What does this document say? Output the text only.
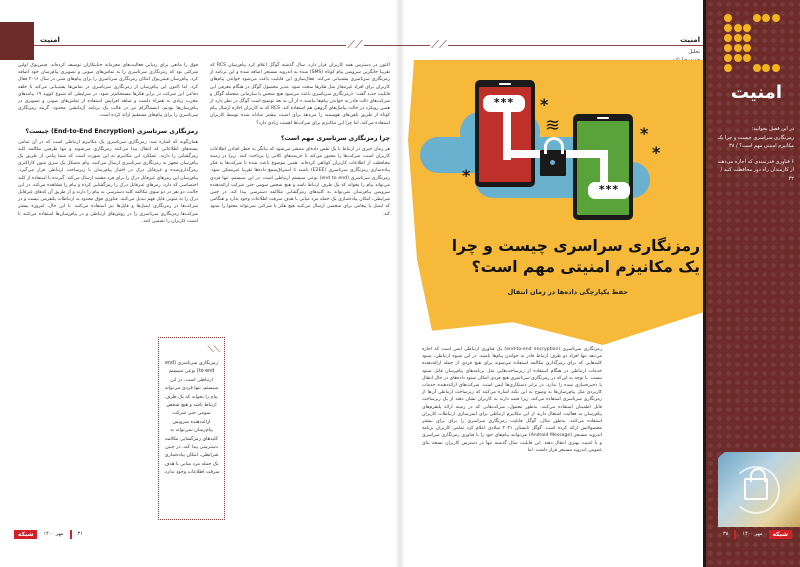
امنیت	⟋⟋

اکنون در دسترس همه کاربران قرار دارد. سال گذشته گوگل اعلام کرد پیام‌رسان RCS که تقریبا جایگزین سرویس پیام کوتاه (SMS) شده به اندروید مسیجز اضافه شده و این برنامه از رمزنگاری سرتاسری پشتیبانی می‌کند. فعال‌سازی این قابلیت باعث می‌شود خواندن پیام‌های کاربران برای افراد غیرمجاز مثل هکرها سخت شود. مدیر محصول گوگل در هنگام معرفی این قابلیت جدید گفت: «رمزنگاری سرتاسری باعث می‌شود هیچ شخص یا سازمانی منجمله گوگل و شرکت‌های ثالث قادر به خواندن پیام‌ها نباشند.» از آن به بعد توضیح است گوگل در نظر دارد از همین رویکرد در حالت پیامک‌های گروهی هم استفاده کند. RCS که به کاربران اجازه ارسال پیام کوتاه از طریق تلفن‌های هوشمند را می‌دهد برای امنیت بیشتر مبادله شده توسط کاربران استفاده می‌کند، اما چرا این مکانیزم برای شرکت‌ها اهمیت زیادی دارد؟

چرا رمزنگاری سرتاسری مهم است؟

هر زمان خبری در ارتباط با یک نقص داده‌ای منتشر می‌شود که بیانگر به خطر افتادن اطلاعات کاربران است، شرکت‌ها را مجبور می‌کند تا جریمه‌های کلانی را پرداخت کنند. زیرا در زمینه محافظت از اطلاعات کاربران کوتاهی کرده‌اند. همین موضوع باعث شده تا شرکت‌ها به فکر پیاده‌سازی رمزنگاری سرتاسری (E2EE) باشند تا استراق‌سمع داده‌ها تقریبا غیرممکن شود. رمزنگاری سرتاسری (end to end) نوعی سیستم ارتباطی است. در این سیستم، تنها فردی می‌تواند پیام را بخواند که یک طرف ارتباط باشد و هیچ شخص سومی حتی شرکت ارائه‌دهنده سرویس پیام‌رسان نمی‌تواند به کلیدهای رمزگشایی مکالمه دسترسی پیدا کند. در چنین شرایطی، امکان پیاده‌سازی یک حمله مرد میانی با هدف سرقت اطلاعات وجود ندارد و هنگامی که ایمیل یا پیغامی برای شخصی ارسال می‌کنید هیچ هکر یا شرکتی نمی‌تواند محتوا را شنود کند.

فوق را مانعی برای ردیابی فعالیت‌های مجرمانه جنایتکاران توصیف کرده‌اند. فیس‌بوک اولین شرکتی بود که رمزنگاری سرتاسری را به تماس‌های صوتی و تصویری پیام‌رسان خود اضافه کرد. پیام‌رسان فیس‌بوک امکان رمزنگاری سرتاسری را برای پیام‌های متنی در سال ۲۰۱۶ فعال کرد. اما اکنون این پیام‌رسان از رمزنگاری سرتاسری در تماس‌ها پشتیبانی می‌کند تا حلقه دفاعی این شرکت در برابر هکرها مستحکم‌تر شود. در شرایطی که شیوع کووید ۱۹ پیامدهای مخرب زیادی به همراه داشت و شاهد افزایش استفاده از تماس‌های صوتی و تصویری در پیام‌رسان‌ها بودیم، اینستاگرام نیز در قالب یک برنامه آزمایشی محدود، گزینه رمزنگاری سرتاسری را برای پیام‌های مستقیم ارائه کرده است.

رمزنگاری سرتاسری (End-to-End Encryption) چیست؟

همان‌گونه که اشاره شد، رمزنگاری سرتاسری یک مکانیزم ارتباطی است که در آن تمامی بسته‌های اطلاعاتی که انتقال پیدا می‌کنند رمزنگاری می‌شوند و تنها طرفین مکالمه کلید رمزگشایی را دارند. عملکرد این مکانیزم به این صورت است که شما پیامی از طریق یک پیام‌رسان مجهز به رمزنگاری سرتاسری ارسال می‌کنید. پیام به‌شکل یک سری متون کاراکتری رمزگذاری‌شده و غیرقابل درک در اختیار پیام‌رسان یا زیرساخت ارتباطی قرار می‌گیرد. پیام‌رسان این رمزهای غیرقابل درک را برای فرد مقصد ارسال می‌کند. گیرنده با استفاده از کلید اختصاصی که دارد، رمزهای غیرقابل درک را رمزگشایی کرده و پیام را مشاهده می‌کند. در این حالت، دو نفر در دو سوی مکالمه کلید دسترسی به پیام را دارند و از طریق آن کدهای غیرقابل درک را به متونی قابل فهم تبدیل می‌کنند. فناوری فوق محدود به ارتباطات پلتفرمی نیست و در شرکت‌ها در رمزنگاری ایمیل‌ها و فایل‌ها نیز استفاده می‌کنند. با این حال، امروزه بیشتر شرکت‌ها رمزنگاری سرتاسری را در روش‌های ارتباطی و در پیام‌رسان‌ها استفاده می‌کنند تا امنیت کاربران را تضمین کنند.

⟋⟋
رمزنگاری سرتاسری (end to end) نوعی سیستم ارتباطی است. در این سیستم، تنها فردی می‌تواند پیام را بخواند که یک طرف ارتباط باشد و هیچ شخص سومی حتی شرکت ارائه‌دهنده سرویس پیام‌رسان نمی‌تواند به کلیدهای رمزگشایی مکالمه دسترسی پیدا کند. در چنین شرایطی، امکان پیاده‌سازی یک حمله مرد میانی با هدف سرقت اطلاعات وجود ندارد.
شبکه	مهر ۱۴۰۰	۳۱
⟋⟋	امنیت
تحلیل
***
***
≋
*
*
*
*
رمزنگاری سراسری چیست و چرا یک مکانیزم امنیتی مهم است؟
حفظ یکپارچگی داده‌ها در زمان انتقال

رمزنگاری سرتاسری (end-to-end encryption) یک فناوری ارتباطی ایمن است که اجازه می‌دهد تنها افراد دو طرف ارتباط قادر به خواندن پیام‌ها باشند. در این شیوه ارتباطی، شنود کلیدهایی که برای رمزگذاری مکالمه استفاده می‌شوند برای هیچ فردی از جمله ارائه‌دهنده خدمات ارتباطی در هنگام استفاده از زیرساخت‌هایی مثل برنامه‌های پیام‌رسان قابل شنود نیست. با توجه به این‌که در رمزنگاری سرتاسری هیچ فردی امکان شنود داده‌های در حال انتقال یا ذخیره‌سازی شده را ندارد، در برابر دستکاری‌ها ایمن است. شرکت‌های ارائه‌دهنده خدمات کاربردی مثل پیام‌رسان‌ها به وضوح به این نکته اشاره می‌کنند که زیرساخت ارتباطی آن‌ها از رمزنگاری سرتاسری استفاده می‌کند، زیرا قصد دارند به کاربران نشان دهند از یک زیرساخت قابل اطمینان استفاده می‌کنند. به‌طور معمول، شرکت‌هایی که در زمینه ارائه پلتفرم‌های پیام‌رسان به فعالیت اشتغال دارند از این مکانیزم ارتباطی برای ایمن‌سازی ارتباطات کاربران استفاده می‌کنند. به‌طور مثال، گوگل قابلیت رمزنگاری سراسری را برای برای بیشتر محصولاتش ارائه کرده است. گوگل تابستان ۲۰۲۱ میلادی اعلام کرد تمامی کاربران برنامه اندروید مسیجز (Android Message) می‌توانند پیام‌های خود را با فناوری رمزنگاری سراسری و با امنیت بهتری انتقال دهند. این قابلیت سال گذشته تنها در دسترس کاربران نسخه بتای عمومی اندروید مسیجز قرار داشت. اما

امنیت

در این فصل بخوانید:
رمزنگاری سراسری چیست و چرا یک مکانیزم امنیتی مهم است؟ / ۳۸

۶ فناوری قدرتمندی که اجازه می‌دهند از کارمندان راه دور محافظت کنید / ۴۲

۳۸	مهر ۱۴۰۰	شبکه
